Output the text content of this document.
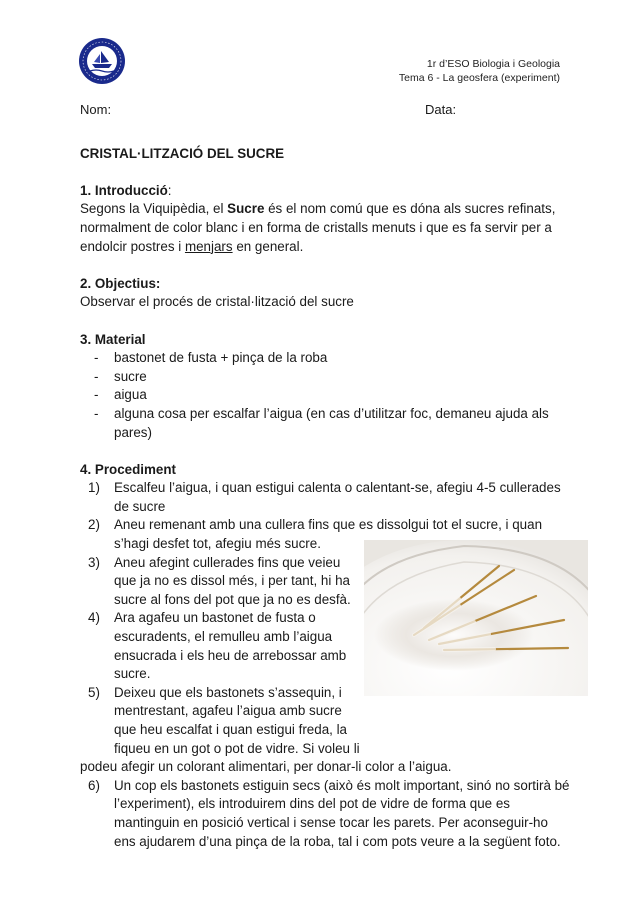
1r d’ESO Biologia i Geologia
Tema 6 - La geosfera (experiment)
Nom:	Data:

CRISTAL·LITZACIÓ DEL SUCRE

1. Introducció:

Segons la Viquipèdia, el Sucre és el nom comú que es dóna als sucres refinats, normalment de color blanc i en forma de cristalls menuts i que es fa servir per a endolcir postres i menjars en general.

2. Objectius:

Observar el procés de cristal·lització del sucre

3. Material

- bastonet de fusta + pinça de la roba
- sucre
- aigua
- alguna cosa per escalfar l’aigua (en cas d’utilitzar foc, demaneu ajuda als pares)

4. Procediment

1) Escalfeu l’aigua, i quan estigui calenta o calentant-se, afegiu 4-5 cullerades de sucre
2) Aneu remenant amb una cullera fins que es dissolgui tot el sucre, i quan s’hagi desfet tot, afegiu més sucre.
3) Aneu afegint cullerades fins que veieu que ja no es dissol més, i per tant, hi ha sucre al fons del pot que ja no es desfà.
4) Ara agafeu un bastonet de fusta o escuradents, el remulleu amb l’aigua ensucrada i els heu de arrebossar amb sucre.
5) Deixeu que els bastonets s’assequin, i mentrestant, agafeu l’aigua amb sucre que heu escalfat i quan estigui freda, la fiqueu en un got o pot de vidre. Si voleu li
podeu afegir un colorant alimentari, per donar-li color a l’aigua.
6) Un cop els bastonets estiguin secs (això és molt important, sinó no sortirà bé l’experiment), els introduirem dins del pot de vidre de forma que es mantinguin en posició vertical i sense tocar les parets. Per aconseguir-ho ens ajudarem d’una pinça de la roba, tal i com pots veure a la següent foto.
